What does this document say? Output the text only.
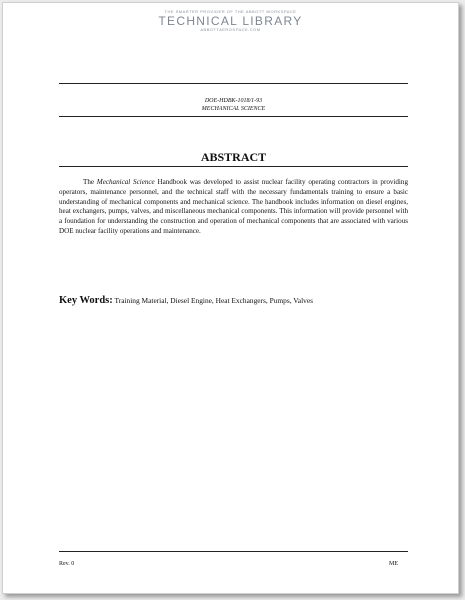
THE SMARTER PROVIDER OF THE ABBOTT WORKSPACE
TECHNICAL LIBRARY
ABBOTTAEROSPACE.COM
DOE-HDBK-1018/1-93
MECHANICAL SCIENCE
ABSTRACT

The Mechanical Science Handbook was developed to assist nuclear facility operating contractors in providing operators, maintenance personnel, and the technical staff with the necessary fundamentals training to ensure a basic understanding of mechanical components and mechanical science. The handbook includes information on diesel engines, heat exchangers, pumps, valves, and miscellaneous mechanical components. This information will provide personnel with a foundation for understanding the construction and operation of mechanical components that are associated with various DOE nuclear facility operations and maintenance.

Key Words: Training Material, Diesel Engine, Heat Exchangers, Pumps, Valves
Rev. 0	ME
